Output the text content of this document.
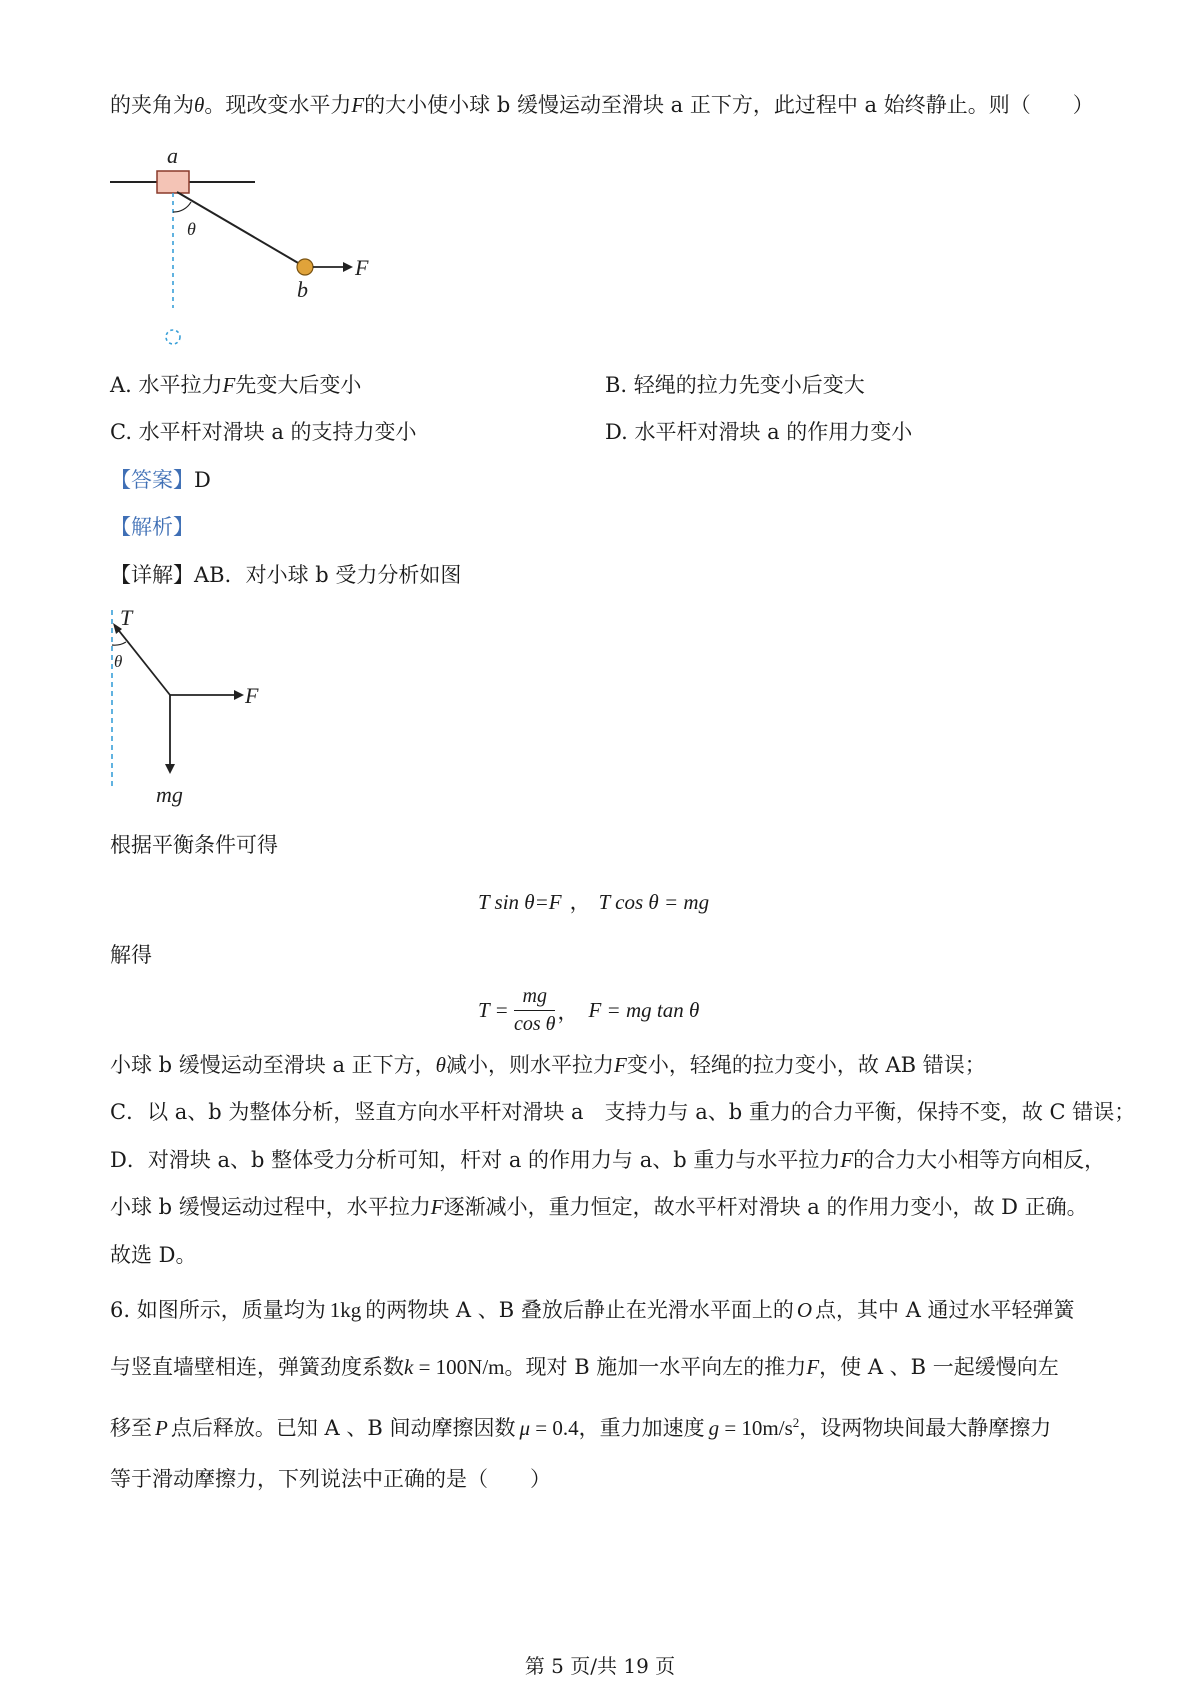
的夹角为θ。现改变水平力F的大小使小球 b 缓慢运动至滑块 a 正下方，此过程中 a 始终静止。则（　　）
a
θ
b
F
A. 水平拉力F先变大后变小	B. 轻绳的拉力先变小后变大
C. 水平杆对滑块 a 的支持力变小	D. 水平杆对滑块 a 的作用力变小
【答案】D
【解析】
【详解】AB．对小球 b 受力分析如图
T
θ
F
mg
根据平衡条件可得
T sin θ=F ， T cos θ = mg
解得
$T = \frac{mg}{\text{cos θ}}$ ， F = mg tan θ
小球 b 缓慢运动至滑块 a 正下方，θ减小，则水平拉力F变小，轻绳的拉力变小，故 AB 错误；
C．以 a、b 为整体分析，竖直方向水平杆对滑块 a　支持力与 a、b 重力的合力平衡，保持不变，故 C 错误；
D．对滑块 a、b 整体受力分析可知，杆对 a 的作用力与 a、b 重力与水平拉力F的合力大小相等方向相反，
小球 b 缓慢运动过程中，水平拉力F逐渐减小，重力恒定，故水平杆对滑块 a 的作用力变小，故 D 正确。
故选 D。
6. 如图所示，质量均为 1kg 的两物块 A 、B 叠放后静止在光滑水平面上的 O 点，其中 A 通过水平轻弹簧
与竖直墙壁相连，弹簧劲度系数k = 100N/m。现对 B 施加一水平向左的推力F，使 A 、B 一起缓慢向左
移至 P 点后释放。已知 A 、B 间动摩擦因数 μ = 0.4，重力加速度 $g = 10m/s^2$，设两物块间最大静摩擦力
等于滑动摩擦力，下列说法中正确的是（　　）
第 5 页/共 19 页
